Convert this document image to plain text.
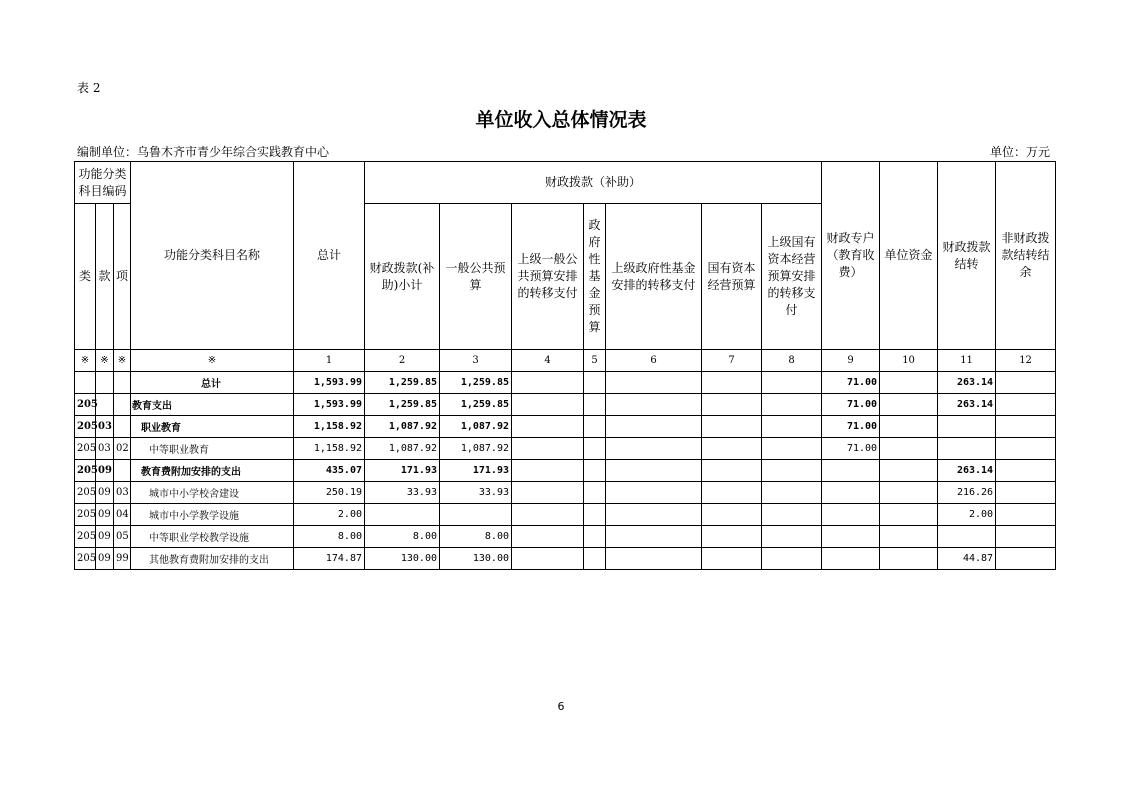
表 2
单位收入总体情况表
编制单位：乌鲁木齐市青少年综合实践教育中心	单位：万元
功能分类科目编码			功能分类科目名称	总计	财政拨款（补助）							财政专户（教育收费）	单位资金	财政拨款结转	非财政拨款结转结余
类	款	项			财政拨款(补助)小计	一般公共预算	上级一般公共预算安排的转移支付	政府性基金预算	上级政府性基金安排的转移支付	国有资本经营预算	上级国有资本经营预算安排的转移支付				
※	※	※	※	1	2	3	4	5	6	7	8	9	10	11	12
			总计	1,593.99	1,259.85	1,259.85						71.00		263.14	
205			教育支出	1,593.99	1,259.85	1,259.85						71.00		263.14	
205	03		职业教育	1,158.92	1,087.92	1,087.92						71.00			
205	03	02	中等职业教育	1,158.92	1,087.92	1,087.92						71.00			
205	09		教育费附加安排的支出	435.07	171.93	171.93								263.14	
205	09	03	城市中小学校舍建设	250.19	33.93	33.93								216.26	
205	09	04	城市中小学教学设施	2.00										2.00	
205	09	05	中等职业学校教学设施	8.00	8.00	8.00									
205	09	99	其他教育费附加安排的支出	174.87	130.00	130.00								44.87	
6
